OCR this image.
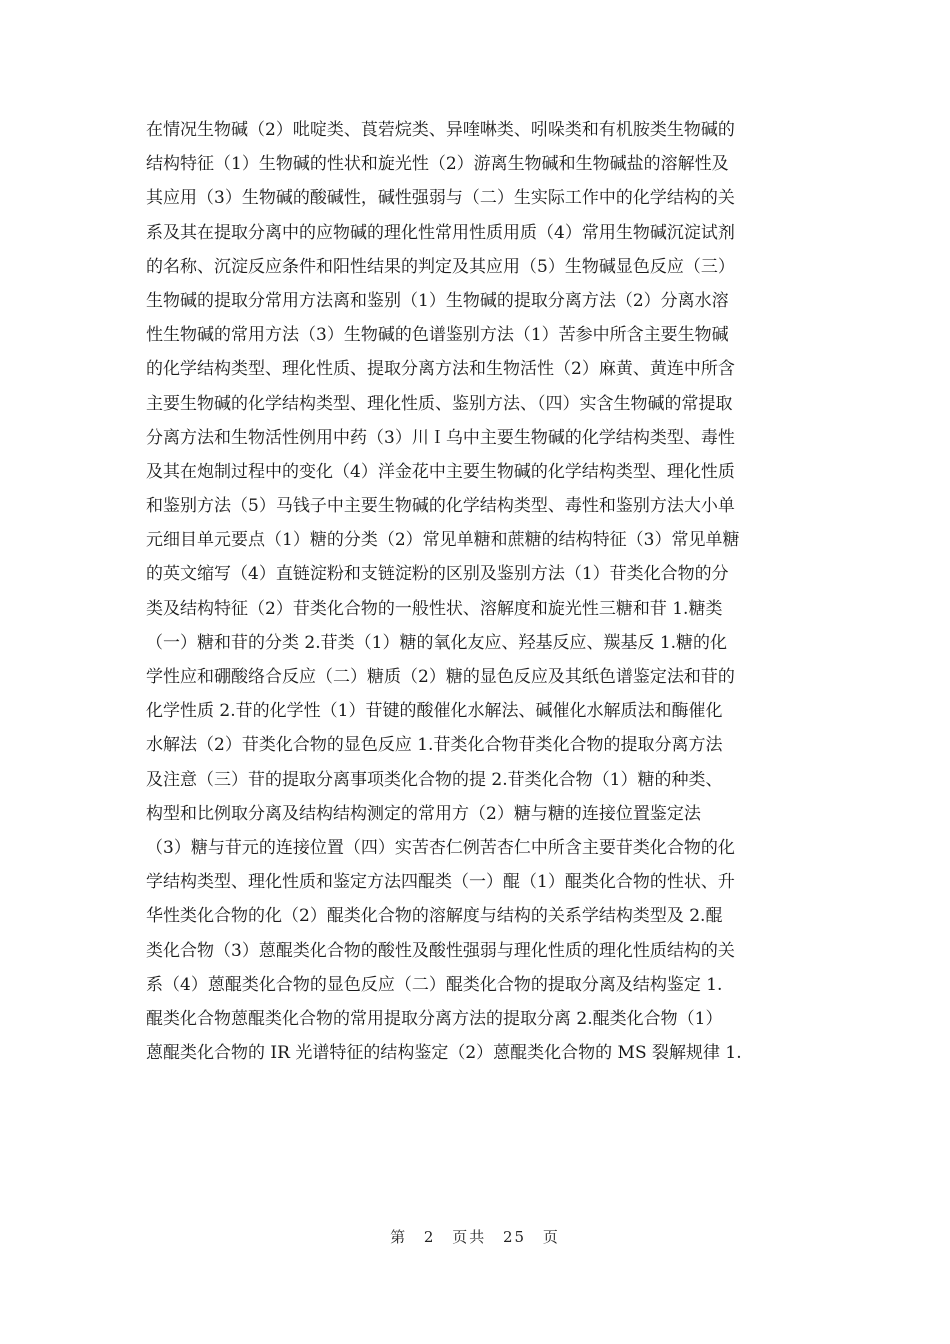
在情况生物碱（2）吡啶类、莨菪烷类、异喹啉类、吲哚类和有机胺类生物碱的
结构特征（1）生物碱的性状和旋光性（2）游离生物碱和生物碱盐的溶解性及
其应用（3）生物碱的酸碱性，碱性强弱与（二）生实际工作中的化学结构的关
系及其在提取分离中的应物碱的理化性常用性质用质（4）常用生物碱沉淀试剂
的名称、沉淀反应条件和阳性结果的判定及其应用（5）生物碱显色反应（三）
生物碱的提取分常用方法离和鉴别（1）生物碱的提取分离方法（2）分离水溶
性生物碱的常用方法（3）生物碱的色谱鉴别方法（1）苦参中所含主要生物碱
的化学结构类型、理化性质、提取分离方法和生物活性（2）麻黄、黄连中所含
主要生物碱的化学结构类型、理化性质、鉴别方法、（四）实含生物碱的常提取
分离方法和生物活性例用中药（3）川Ｉ乌中主要生物碱的化学结构类型、毒性
及其在炮制过程中的变化（4）洋金花中主要生物碱的化学结构类型、理化性质
和鉴别方法（5）马钱子中主要生物碱的化学结构类型、毒性和鉴别方法大小单
元细目单元要点（1）糖的分类（2）常见单糖和蔗糖的结构特征（3）常见单糖
的英文缩写（4）直链淀粉和支链淀粉的区别及鉴别方法（1）苷类化合物的分
类及结构特征（2）苷类化合物的一般性状、溶解度和旋光性三糖和苷 1.糖类
（一）糖和苷的分类 2.苷类（1）糖的氧化友应、羟基反应、羰基反 1.糖的化
学性应和硼酸络合反应（二）糖质（2）糖的显色反应及其纸色谱鉴定法和苷的
化学性质 2.苷的化学性（1）苷键的酸催化水解法、碱催化水解质法和酶催化
水解法（2）苷类化合物的显色反应 1.苷类化合物苷类化合物的提取分离方法
及注意（三）苷的提取分离事项类化合物的提 2.苷类化合物（1）糖的种类、
构型和比例取分离及结构结构测定的常用方（2）糖与糖的连接位置鉴定法
（3）糖与苷元的连接位置（四）实苦杏仁例苦杏仁中所含主要苷类化合物的化
学结构类型、理化性质和鉴定方法四醌类（一）醌（1）醌类化合物的性状、升
华性类化合物的化（2）醌类化合物的溶解度与结构的关系学结构类型及 2.醌
类化合物（3）蒽醌类化合物的酸性及酸性强弱与理化性质的理化性质结构的关
系（4）蒽醌类化合物的显色反应（二）醌类化合物的提取分离及结构鉴定 1.
醌类化合物蒽醌类化合物的常用提取分离方法的提取分离 2.醌类化合物（1）
蒽醌类化合物的 IR 光谱特征的结构鉴定（2）蒽醌类化合物的 MS 裂解规律 1.
第 2 页共 25 页
